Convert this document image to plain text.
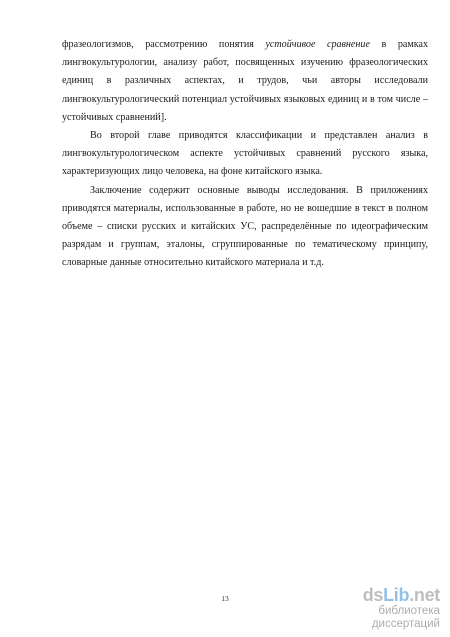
фразеологизмов, рассмотрению понятия устойчивое сравнение в рамках лингвокультурологии, анализу работ, посвященных изучению фразеологических единиц в различных аспектах, и трудов, чьи авторы исследовали лингвокультурологический потенциал устойчивых языковых единиц и в том числе – устойчивых сравнений].

Во второй главе приводятся классификации и представлен анализ в лингвокультурологическом аспекте устойчивых сравнений русского языка, характеризующих лицо человека, на фоне китайского языка.

Заключение содержит основные выводы исследования. В приложениях приводятся материалы, использованные в работе, но не вошедшие в текст в полном объеме – списки русских и китайских УС, распределённые по идеографическим разрядам и группам, эталоны, сгруппированные по тематическому принципу, словарные данные относительно китайского материала и т.д.

13	dsLib.net
библиотека диссертаций
